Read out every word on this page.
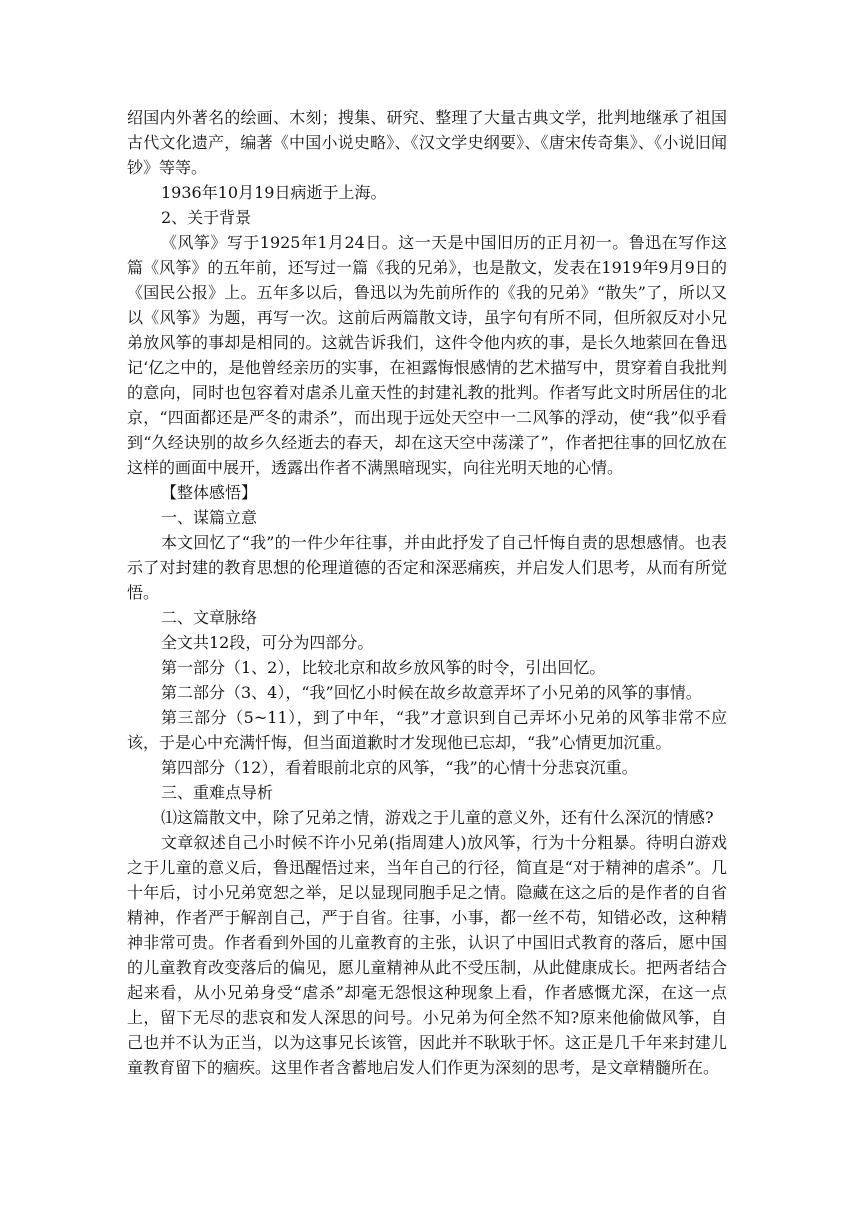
绍国内外著名的绘画、木刻；搜集、研究、整理了大量古典文学，批判地继承了祖国古代文化遗产，编著《中国小说史略》、《汉文学史纲要》、《唐宋传奇集》、《小说旧闻钞》等等。

1936年10月19日病逝于上海。

2、关于背景

《风筝》写于1925年1月24日。这一天是中国旧历的正月初一。鲁迅在写作这篇《风筝》的五年前，还写过一篇《我的兄弟》，也是散文，发表在1919年9月9日的《国民公报》上。五年多以后，鲁迅以为先前所作的《我的兄弟》“散失”了，所以又以《风筝》为题，再写一次。这前后两篇散文诗，虽字句有所不同，但所叙反对小兄弟放风筝的事却是相同的。这就告诉我们，这件令他内疚的事，是长久地萦回在鲁迅记‘亿之中的，是他曾经亲历的实事，在袒露悔恨感情的艺术描写中，贯穿着自我批判的意向，同时也包容着对虐杀儿童天性的封建礼教的批判。作者写此文时所居住的北京，“四面都还是严冬的肃杀”，而出现于远处天空中一二风筝的浮动，使“我”似乎看到“久经诀别的故乡久经逝去的春天，却在这天空中荡漾了”，作者把往事的回忆放在这样的画面中展开，透露出作者不满黑暗现实，向往光明天地的心情。

【整体感悟】

一、谋篇立意

本文回忆了“我”的一件少年往事，并由此抒发了自己忏悔自责的思想感情。也表示了对封建的教育思想的伦理道德的否定和深恶痛疾，并启发人们思考，从而有所觉悟。

二、文章脉络

全文共12段，可分为四部分。

第一部分（1、2），比较北京和故乡放风筝的时令，引出回忆。

第二部分（3、4），“我”回忆小时候在故乡故意弄坏了小兄弟的风筝的事情。

第三部分（5~11），到了中年，“我”才意识到自己弄坏小兄弟的风筝非常不应该，于是心中充满忏悔，但当面道歉时才发现他已忘却，“我”心情更加沉重。

第四部分（12），看着眼前北京的风筝，“我”的心情十分悲哀沉重。

三、重难点导析

⑴这篇散文中，除了兄弟之情，游戏之于儿童的意义外，还有什么深沉的情感?

文章叙述自己小时候不许小兄弟(指周建人)放风筝，行为十分粗暴。待明白游戏之于儿童的意义后，鲁迅醒悟过来，当年自己的行径，简直是“对于精神的虐杀”。几十年后，讨小兄弟宽恕之举，足以显现同胞手足之情。隐藏在这之后的是作者的自省精神，作者严于解剖自己，严于自省。往事，小事，都一丝不苟，知错必改，这种精神非常可贵。作者看到外国的儿童教育的主张，认识了中国旧式教育的落后，愿中国的儿童教育改变落后的偏见，愿儿童精神从此不受压制，从此健康成长。把两者结合起来看，从小兄弟身受“虐杀”却毫无怨恨这种现象上看，作者感慨尤深，在这一点上，留下无尽的悲哀和发人深思的问号。小兄弟为何全然不知?原来他偷做风筝，自己也并不认为正当，以为这事兄长该管，因此并不耿耿于怀。这正是几千年来封建儿童教育留下的痼疾。这里作者含蓄地启发人们作更为深刻的思考，是文章精髓所在。
